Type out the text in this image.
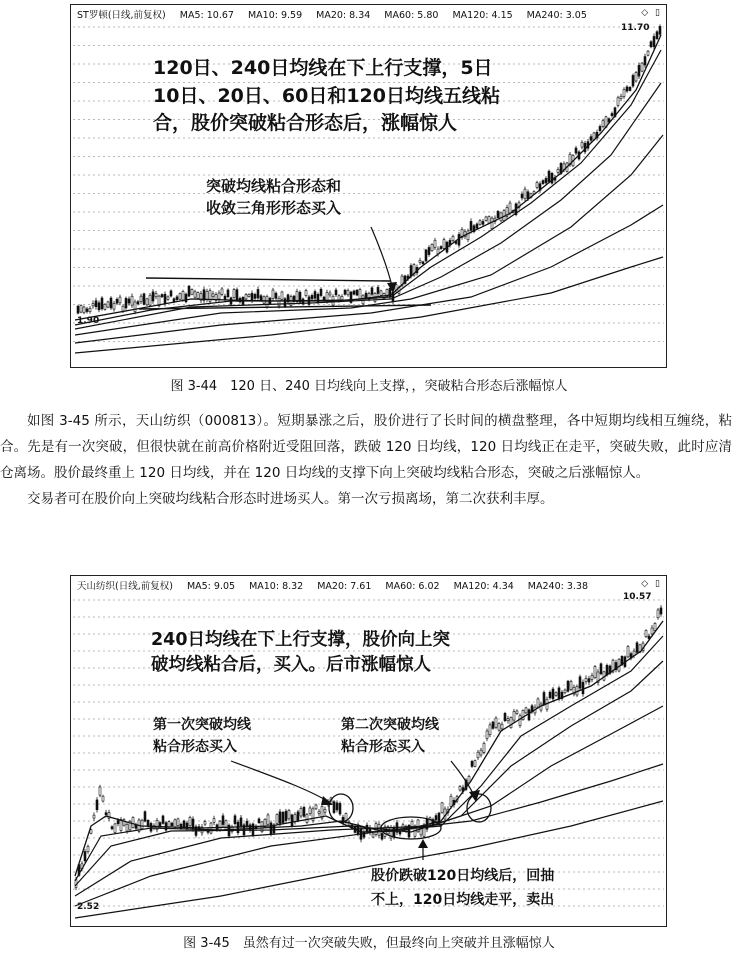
ST罗顿(日线,前复权) MA5: 10.67 MA10: 9.59 MA20: 8.34 MA60: 5.80 MA120: 4.15 MA240: 3.05	◇ ▯
11.70
1.90
120日、240日均线在下上行支撑，5日
10日、20日、60日和120日均线五线粘
合，股价突破粘合形态后，涨幅惊人
突破均线粘合形态和
收敛三角形形态买入
图 3-44　120 日、240 日均线向上支撑，，突破粘合形态后涨幅惊人

如图 3-45 所示，天山纺织（000813）。短期暴涨之后，股价进行了长时间的横盘整理，各中短期均线相互缠绕，粘合。先是有一次突破，但很快就在前高价格附近受阻回落，跌破 120 日均线，120 日均线正在走平，突破失败，此时应清仓离场。股价最终重上 120 日均线，并在 120 日均线的支撑下向上突破均线粘合形态，突破之后涨幅惊人。

交易者可在股价向上突破均线粘合形态时进场买人。第一次亏损离场，第二次获利丰厚。

天山纺织(日线,前复权) MA5: 9.05 MA10: 8.32 MA20: 7.61 MA60: 6.02 MA120: 4.34 MA240: 3.38	◇ ▯
10.57
2.52
240日均线在下上行支撑，股价向上突
破均线粘合后，买入。后市涨幅惊人
第一次突破均线
粘合形态买入
第二次突破均线
粘合形态买入
股价跌破120日均线后，回抽
不上，120日均线走平，卖出
图 3-45　虽然有过一次突破失败，但最终向上突破并且涨幅惊人
